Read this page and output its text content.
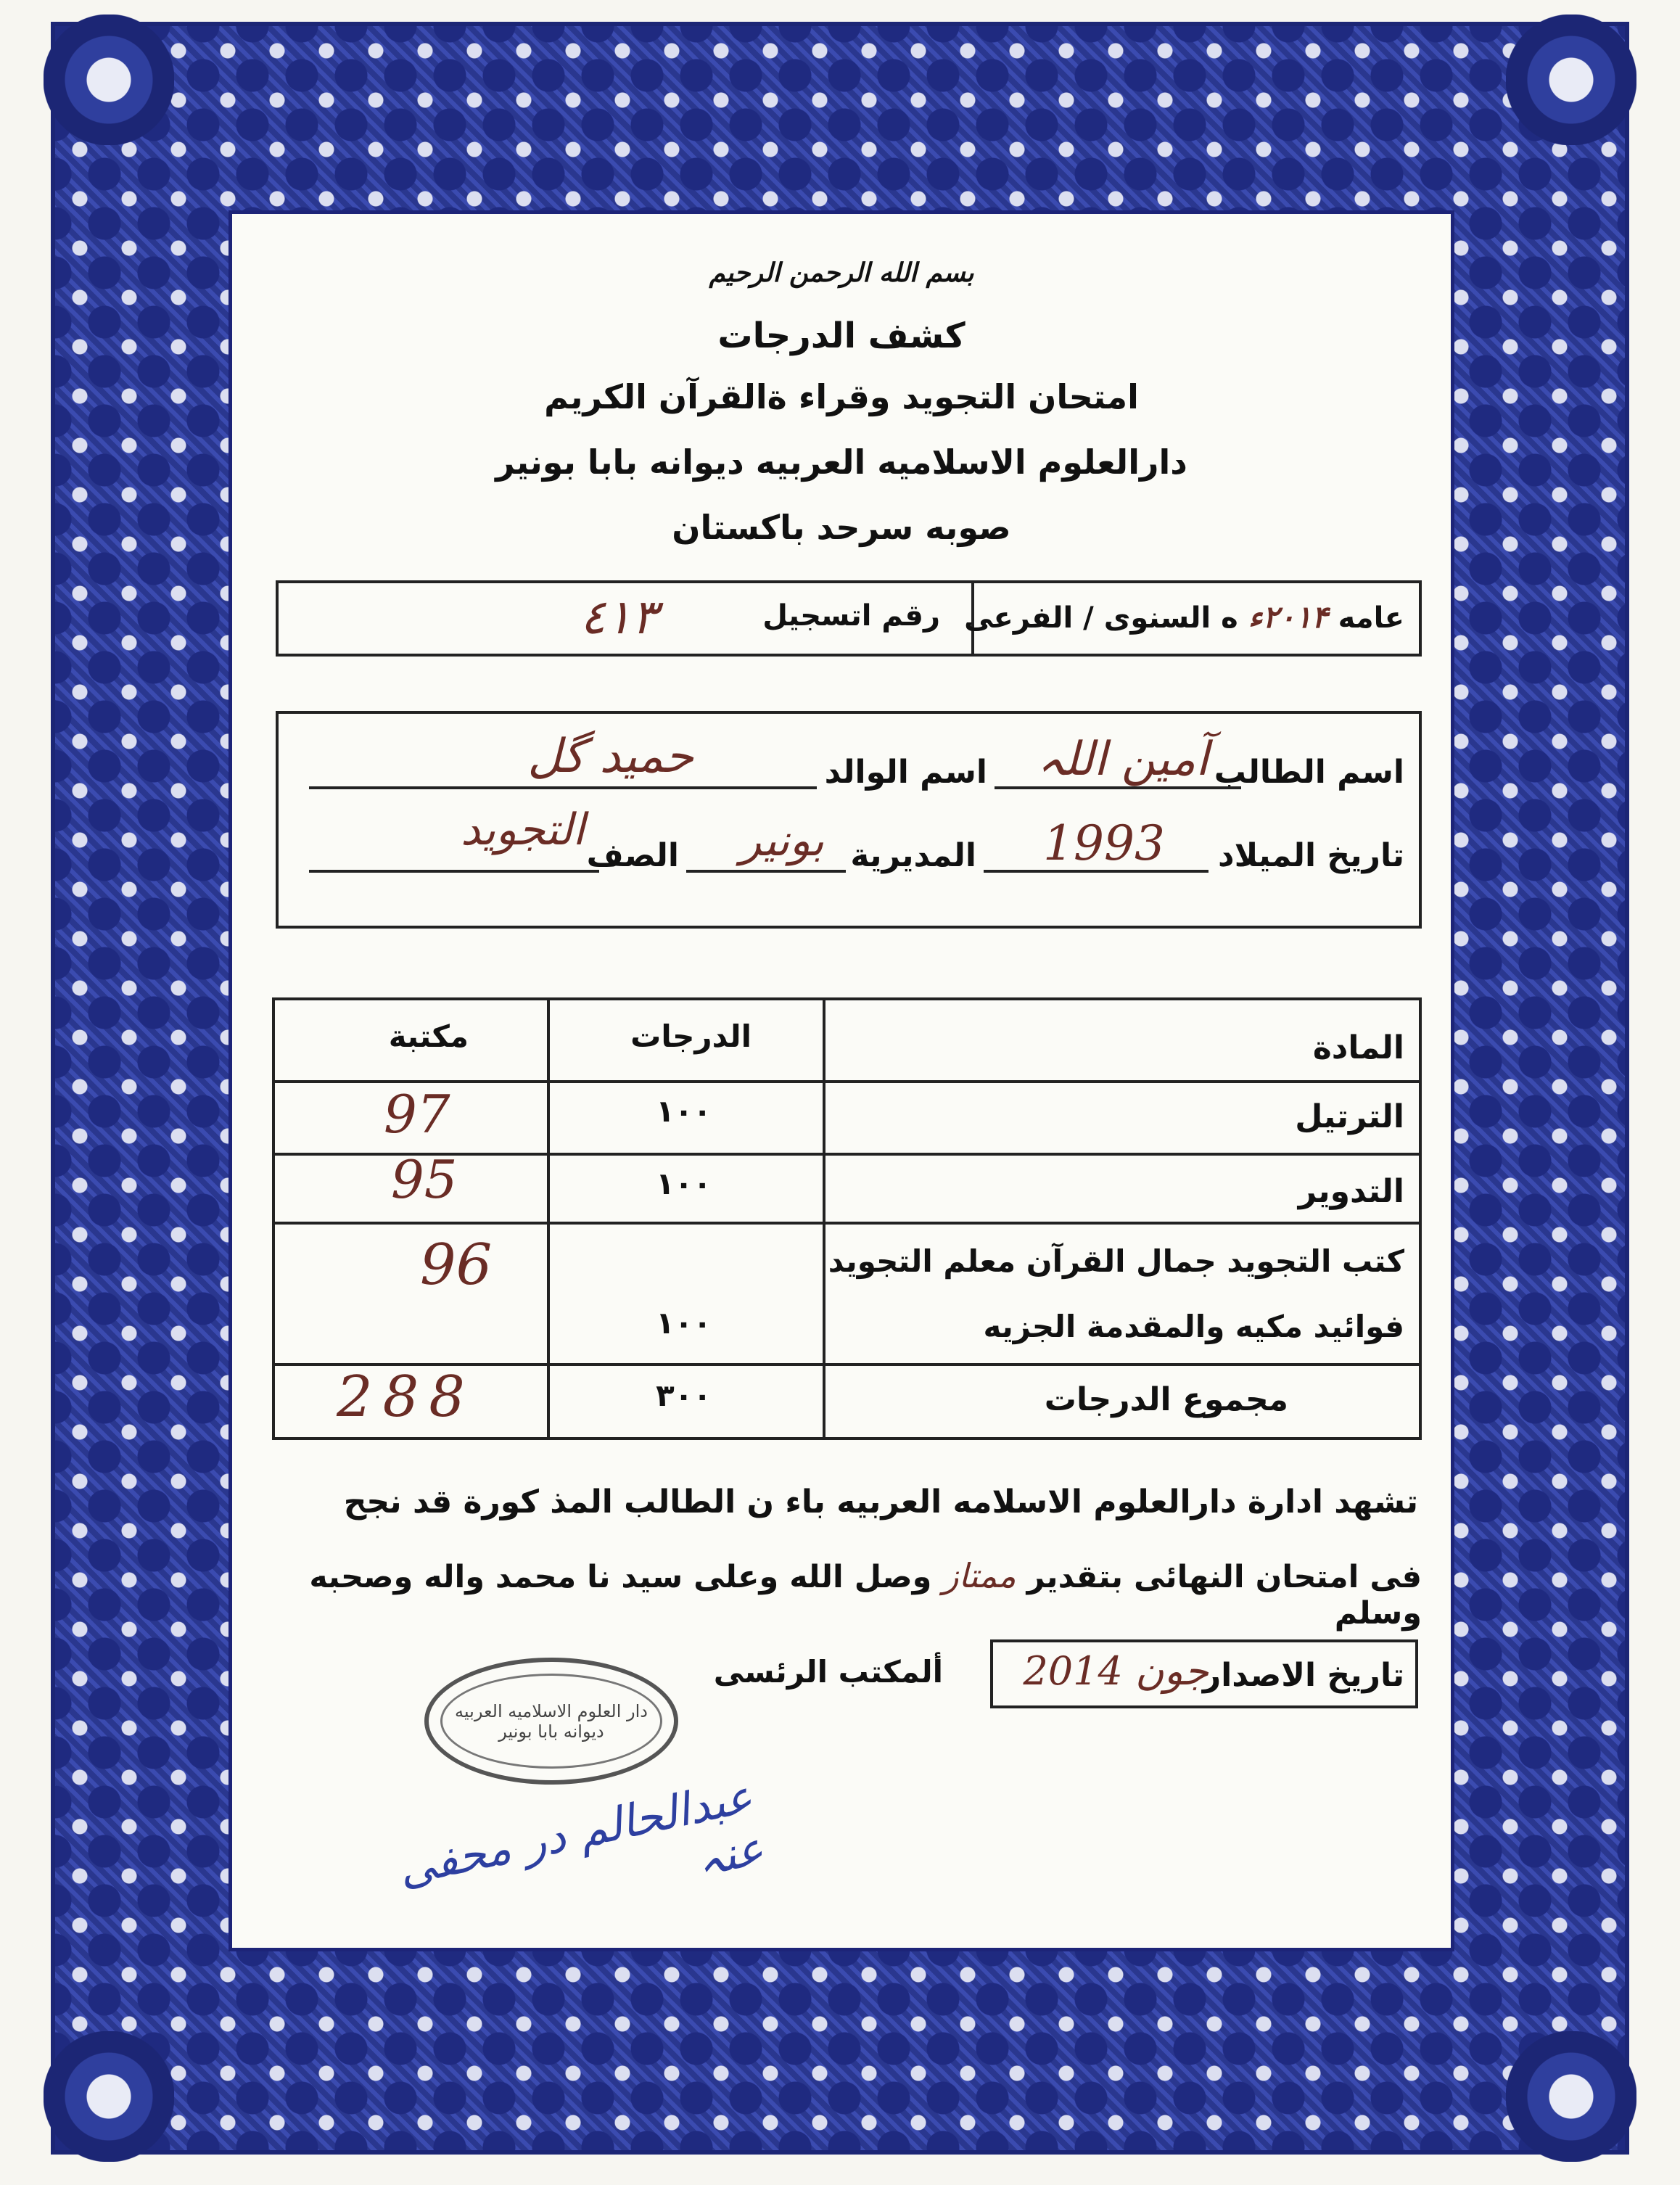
بسم الله الرحمن الرحيم
كشف الدرجات
امتحان التجويد وقراء ةالقرآن الكريم
دارالعلوم الاسلاميه العربيه ديوانه بابا بونير
صوبه سرحد باكستان
عامه ٢٠١۴ء ه السنوى / الفرعى
رقم اتسجيل
٤١٣
اسم الطالب
آمین اللہ
اسم الوالد
حمید گل
تاريخ الميلاد
1993
المديرية
بونیر
الصف
التجويد
المادة
الدرجات
مكتبة
الترتيل
١٠٠
97
التدوير
١٠٠
95
كتب التجويد جمال القرآن معلم التجويد
فوائيد مكيه والمقدمة الجزيه
١٠٠
96
مجموع الدرجات
٣٠٠
288
تشهد ادارة دارالعلوم الاسلامه العربيه باء ن الطالب المذ كورة قد نجح
فى امتحان النهائى بتقدير ممتاز وصل الله وعلى سيد نا محمد واله وصحبه وسلم
تاريخ الاصدار
جون 2014
ألمكتب الرئسى
دار العلوم الاسلامیه العربیه
دیوانه بابا بونیر
عبدالحالم در محفی عنہ
